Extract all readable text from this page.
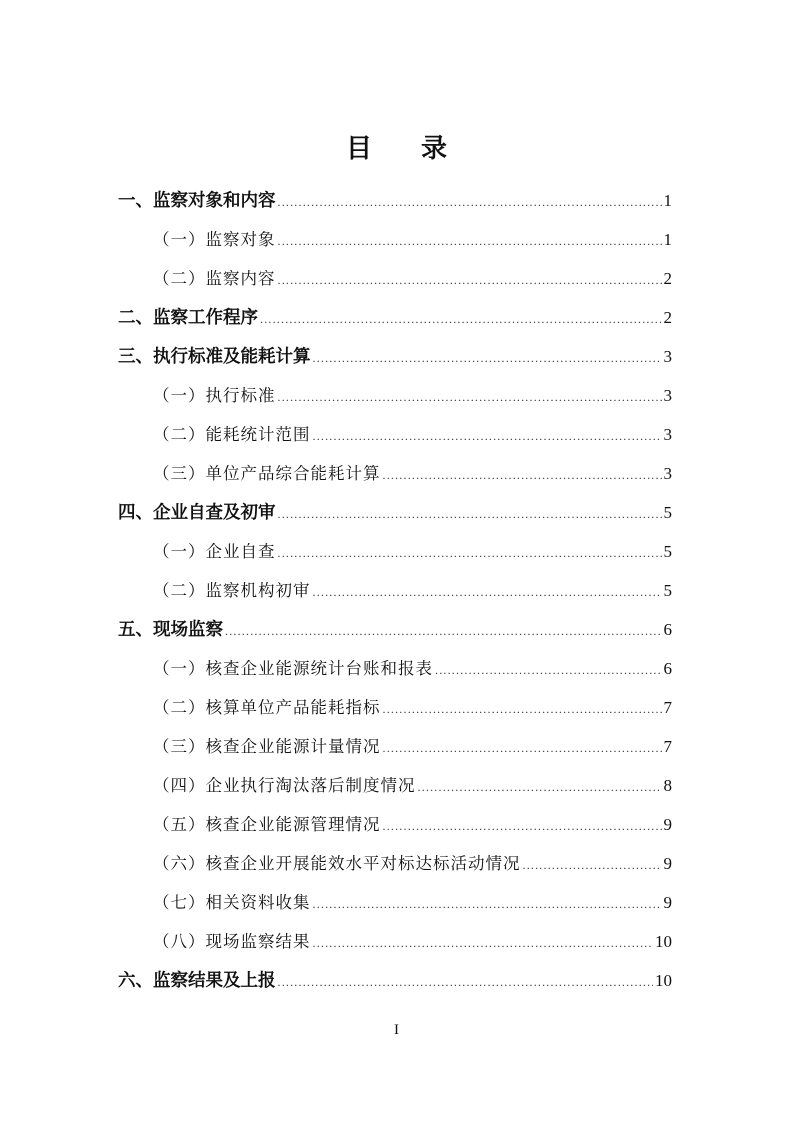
目 录
一、 监察对象和内容 .....	1
（一） 监察对象 .....	1
（二） 监察内容 .....	2
二、 监察工作程序 .....	2
三、 执行标准及能耗计算 .....	3
（一） 执行标准 .....	3
（二） 能耗统计范围 .....	3
（三） 单位产品综合能耗计算 .....	3
四、 企业自查及初审 .....	5
（一） 企业自查 .....	5
（二） 监察机构初审 .....	5
五、 现场监察 .....	6
（一） 核查企业能源统计台账和报表 .....	6
（二） 核算单位产品能耗指标 .....	7
（三） 核查企业能源计量情况 .....	7
（四） 企业执行淘汰落后制度情况 .....	8
（五） 核查企业能源管理情况 .....	9
（六） 核查企业开展能效水平对标达标活动情况 .....	9
（七） 相关资料收集 .....	9
（八） 现场监察结果 .....	10
六、 监察结果及上报 .....	10
I
